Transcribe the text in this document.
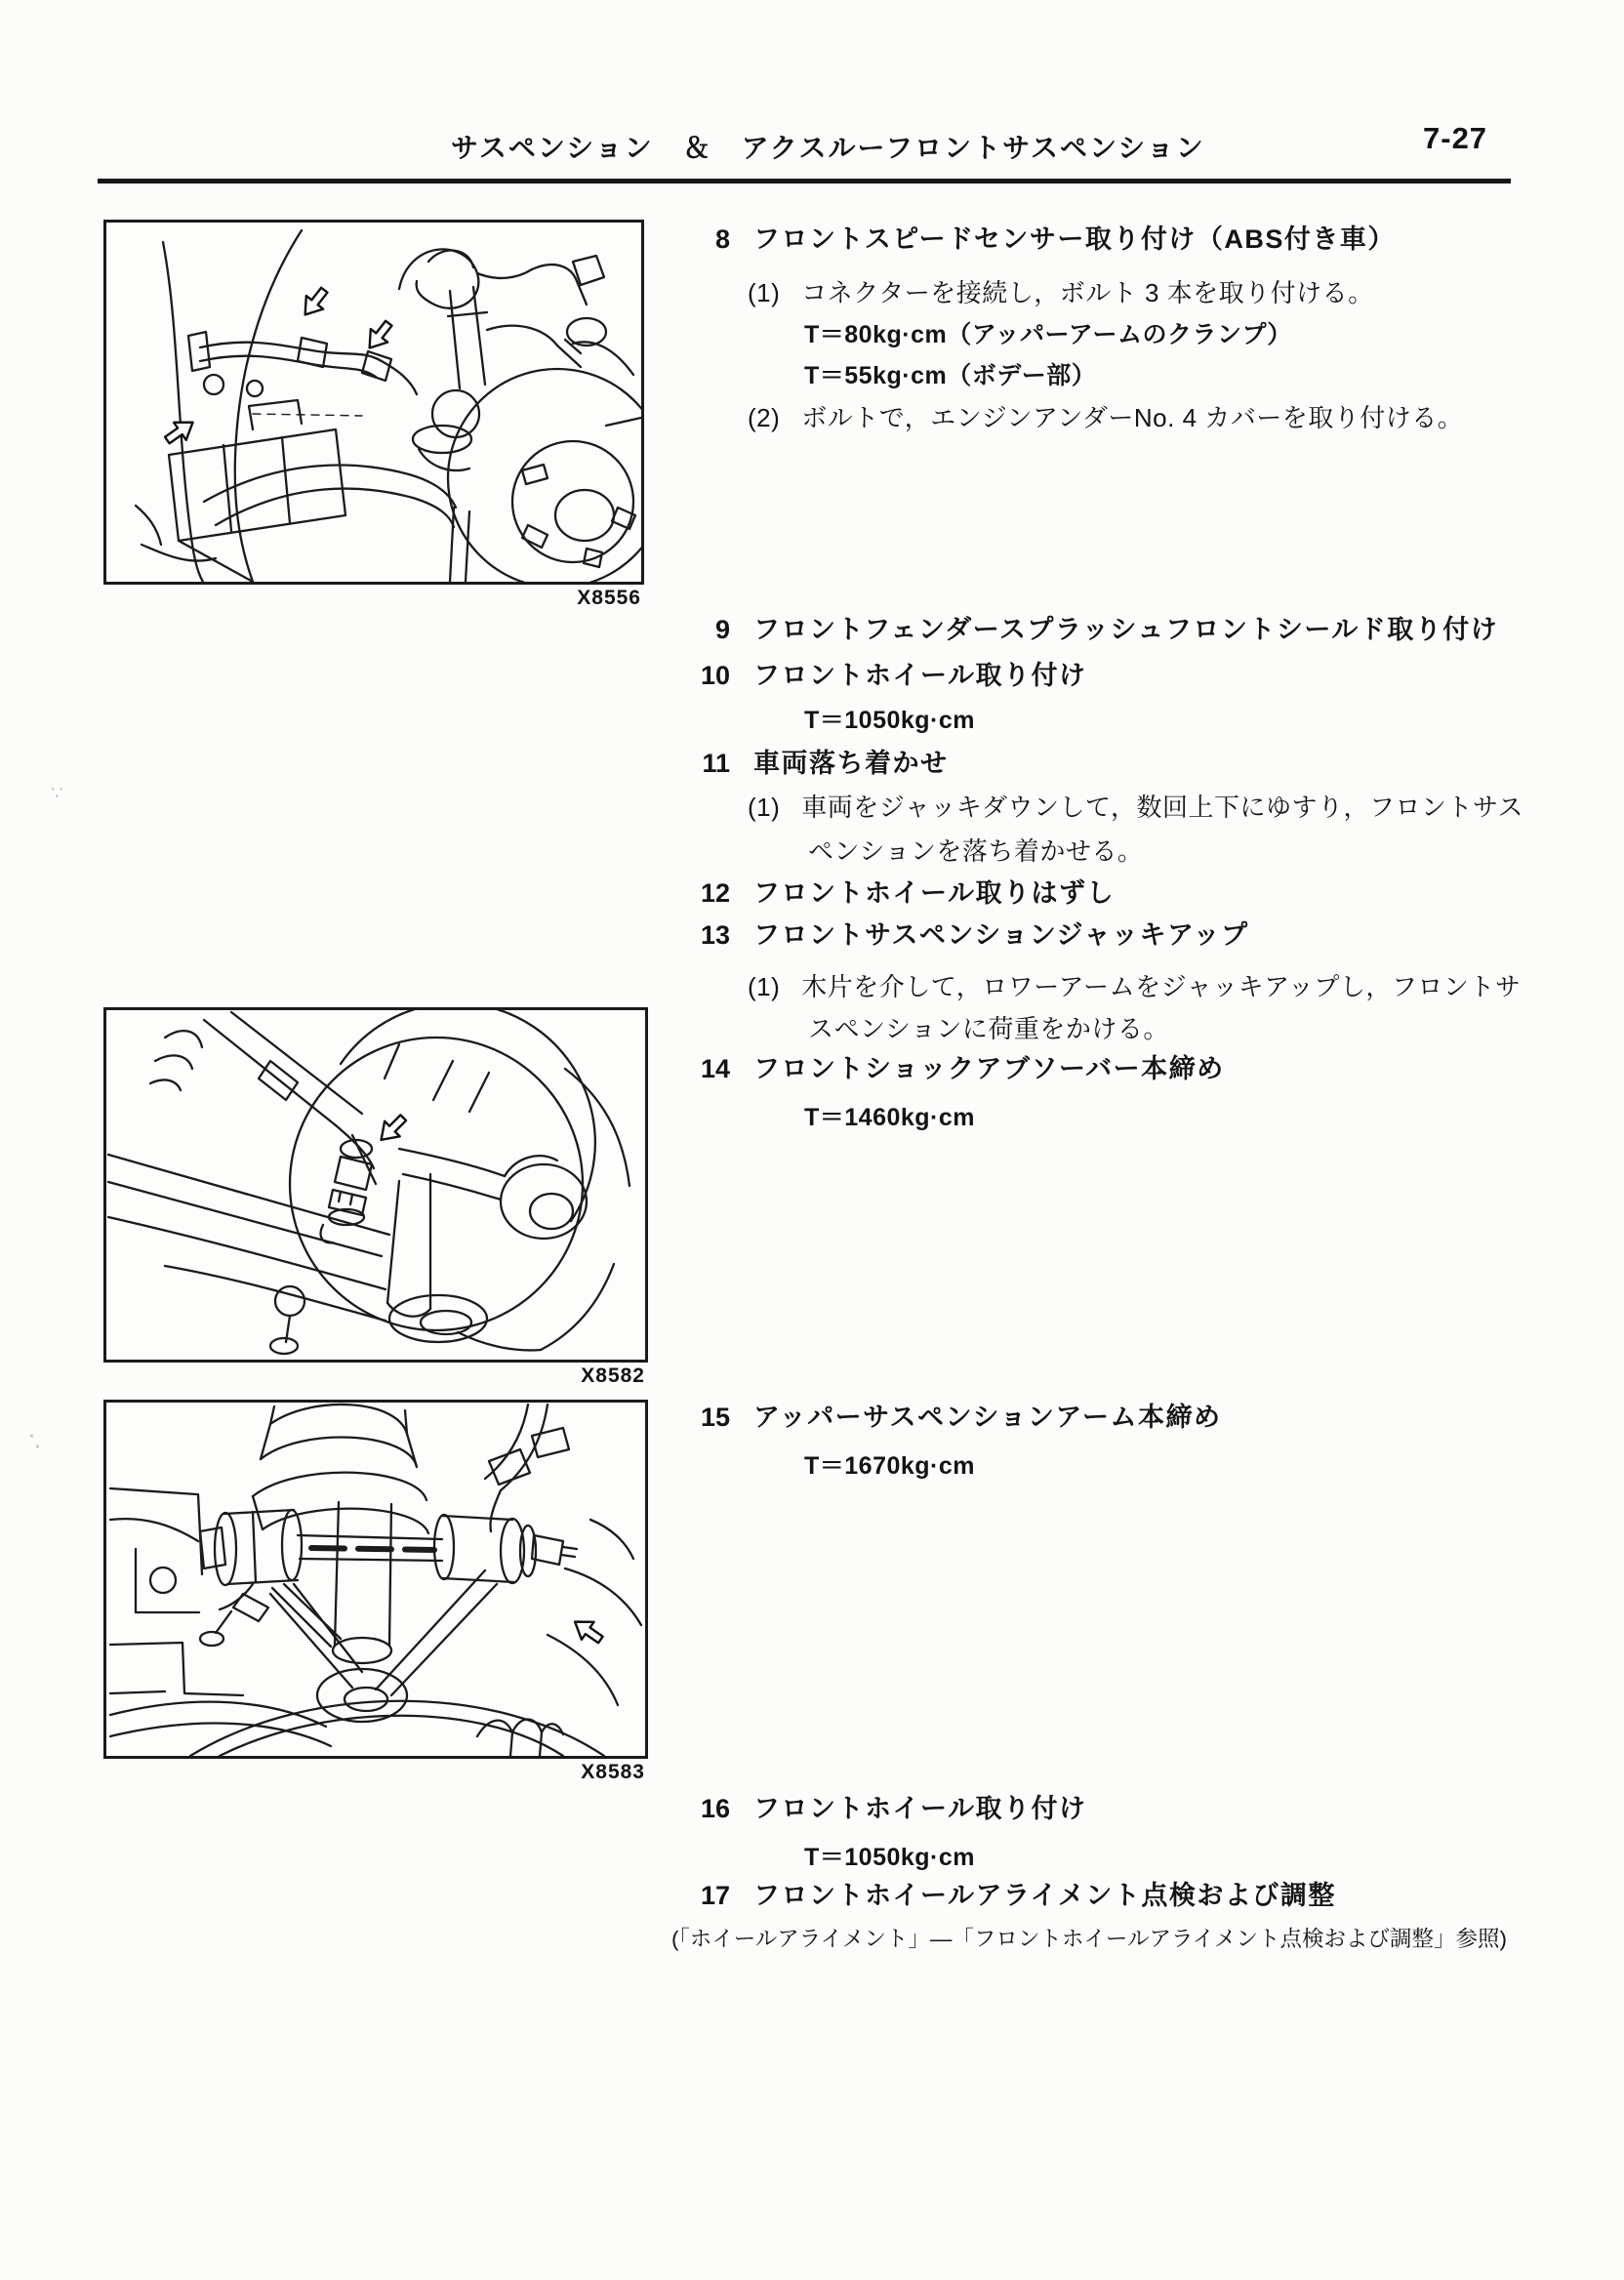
サスペンション　＆　アクスルーフロントサスペンション	7-27
X8556
X8582
X8583
8 フロントスピードセンサー取り付け（ABS付き車）
(1) コネクターを接続し，ボルト 3 本を取り付ける。
T＝80kg·cm（アッパーアームのクランプ）
T＝55kg·cm（ボデー部）
(2) ボルトで，エンジンアンダーNo. 4 カバーを取り付ける。
9 フロントフェンダースプラッシュフロントシールド取り付け
10 フロントホイール取り付け
T＝1050kg·cm
11 車両落ち着かせ
(1) 車両をジャッキダウンして，数回上下にゆすり，フロントサス
ペンションを落ち着かせる。
12 フロントホイール取りはずし
13 フロントサスペンションジャッキアップ
(1) 木片を介して，ロワーアームをジャッキアップし，フロントサ
スペンションに荷重をかける。
14 フロントショックアブソーバー本締め
T＝1460kg·cm
15 アッパーサスペンションアーム本締め
T＝1670kg·cm
16 フロントホイール取り付け
T＝1050kg·cm
17 フロントホイールアライメント点検および調整
(「ホイールアライメント」―「フロントホイールアライメント点検および調整」参照)
∵
⠡
